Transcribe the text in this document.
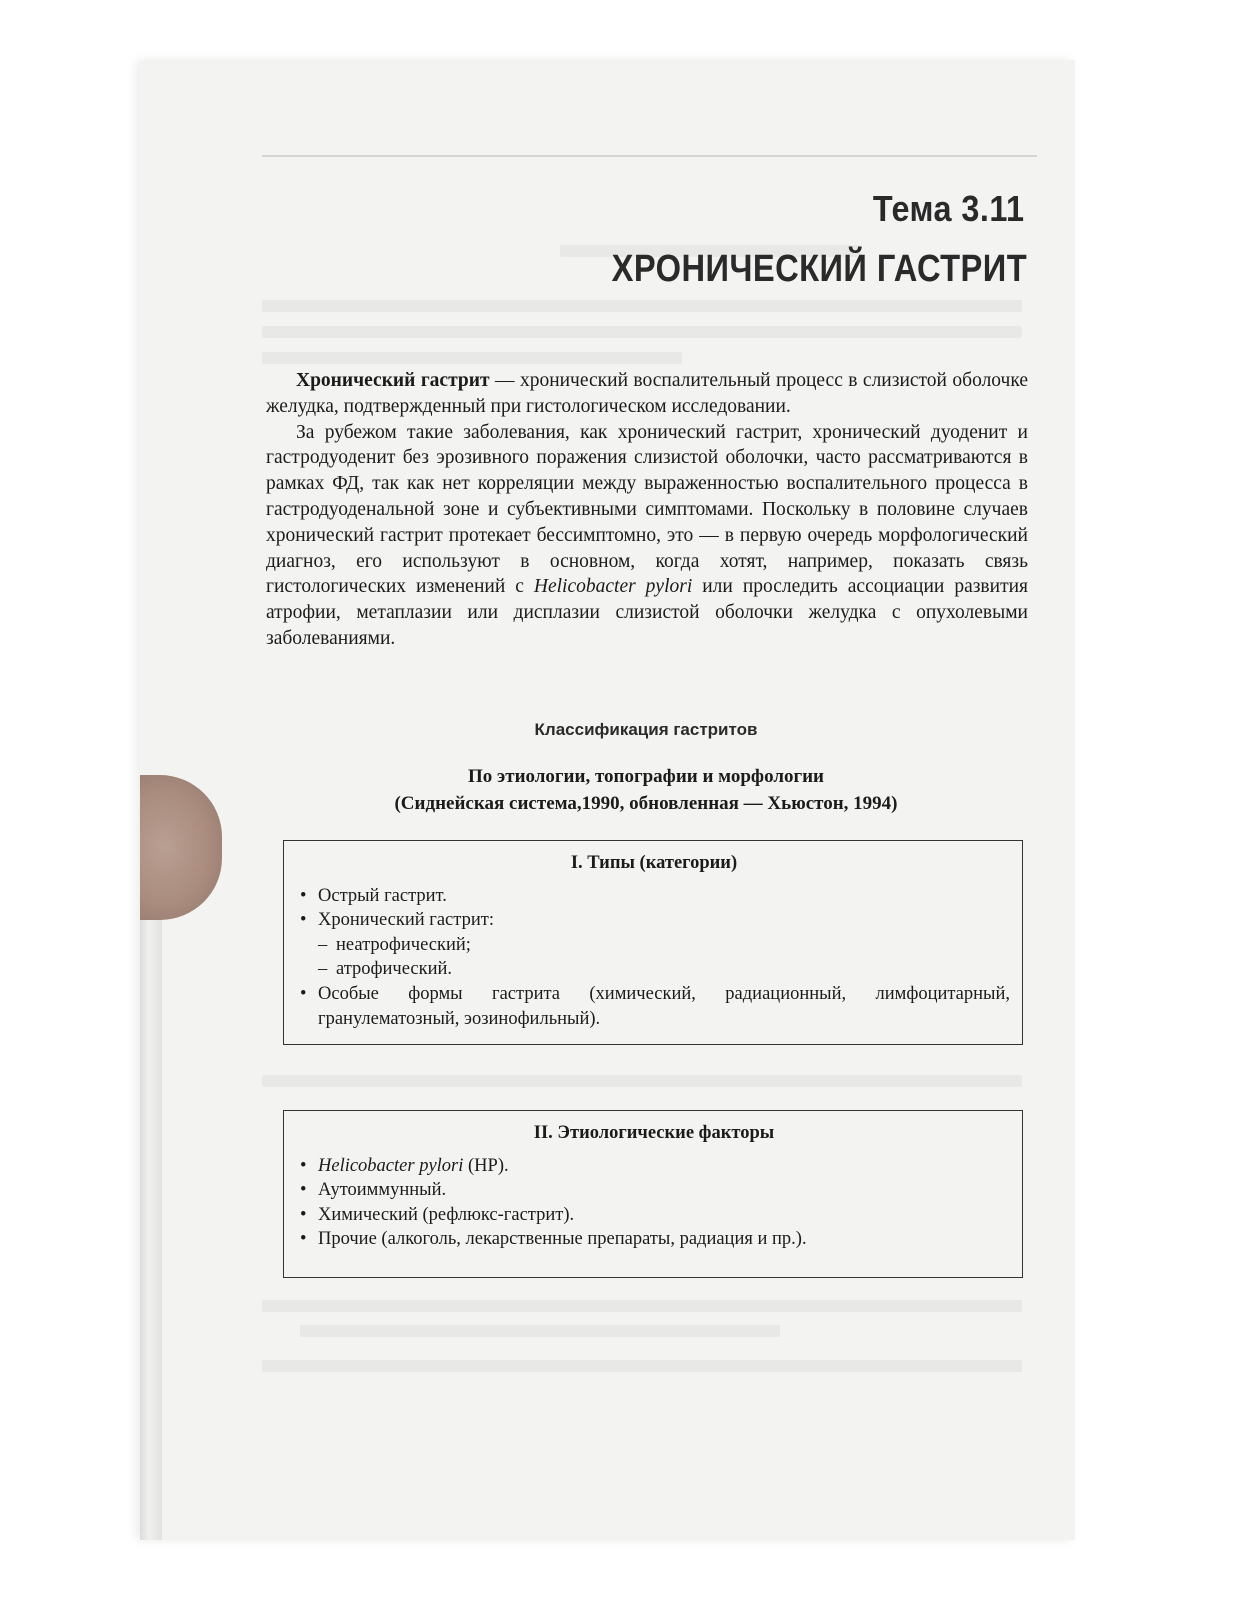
Тема 3.11
ХРОНИЧЕСКИЙ ГАСТРИТ

Хронический гастрит — хронический воспалительный процесс в слизистой оболочке желудка, подтвержденный при гистологическом исследовании.

За рубежом такие заболевания, как хронический гастрит, хронический дуоденит и гастродуоденит без эрозивного поражения слизистой оболочки, часто рассматриваются в рамках ФД, так как нет корреляции между выраженностью воспалительного процесса в гастродуоденальной зоне и субъективными симптомами. Поскольку в половине случаев хронический гастрит протекает бессимптомно, это — в первую очередь морфологический диагноз, его используют в основном, когда хотят, например, показать связь гистологических изменений с Helicobacter pylori или проследить ассоциации развития атрофии, метаплазии или дисплазии слизистой оболочки желудка с опухолевыми заболеваниями.

Классификация гастритов
По этиологии, топографии и морфологии
(Сиднейская система,1990, обновленная — Хьюстон, 1994)
I. Типы (категории)
• Острый гастрит.
• Хронический гастрит:
– неатрофический;
– атрофический.
• Особые формы гастрита (химический, радиационный, лимфоцитарный, гранулематозный, эозинофильный).
II. Этиологические факторы
• Helicobacter pylori (HP).
• Аутоиммунный.
• Химический (рефлюкс-гастрит).
• Прочие (алкоголь, лекарственные препараты, радиация и пр.).
